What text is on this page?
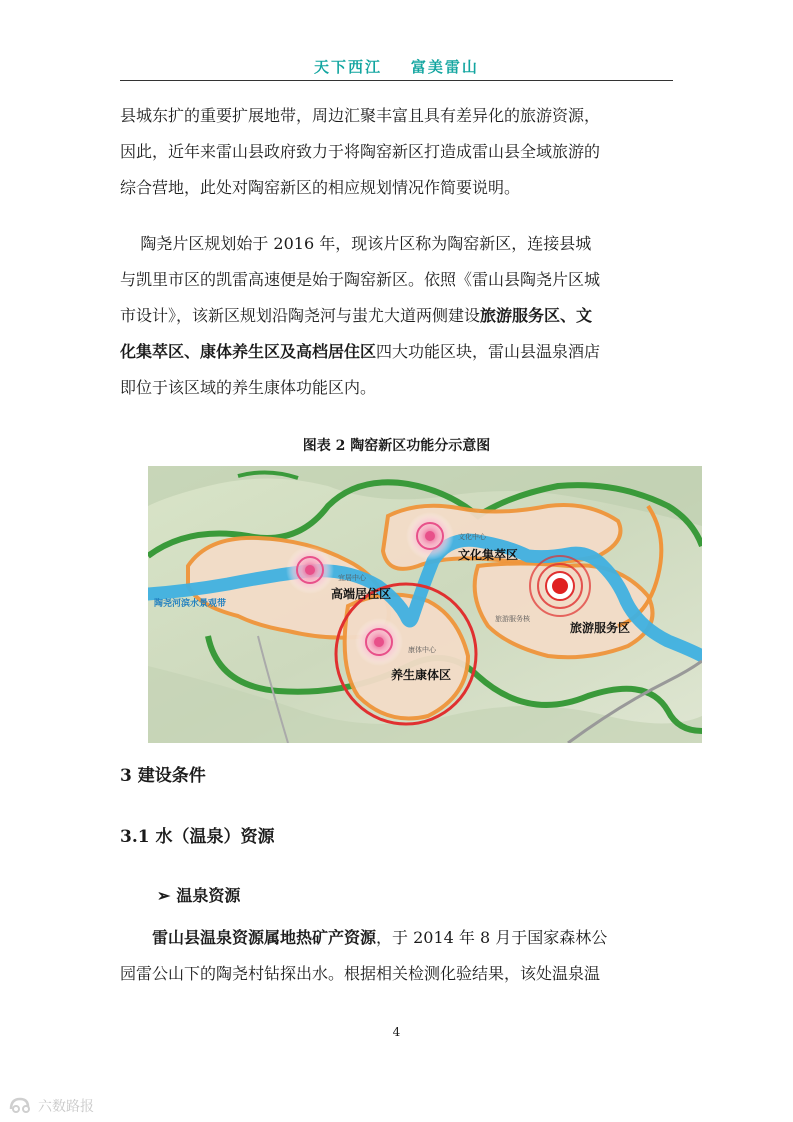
天下西江    富美雷山
县城东扩的重要扩展地带，周边汇聚丰富且具有差异化的旅游资源，
因此，近年来雷山县政府致力于将陶窑新区打造成雷山县全域旅游的
综合营地，此处对陶窑新区的相应规划情况作简要说明。
陶尧片区规划始于 2016 年，现该片区称为陶窑新区，连接县城
与凯里市区的凯雷高速便是始于陶窑新区。依照《雷山县陶尧片区城
市设计》，该新区规划沿陶尧河与蚩尤大道两侧建设旅游服务区、文
化集萃区、康体养生区及高档居住区四大功能区块，雷山县温泉酒店
即位于该区域的养生康体功能区内。
图表 2 陶窑新区功能分示意图
陶尧河滨水景观带
宜居中心
高端居住区
文化中心
文化集萃区
康体中心
养生康体区
旅游服务核
旅游服务区
3 建设条件
3.1 水（温泉）资源
➢ 温泉资源
雷山县温泉资源属地热矿产资源，于 2014 年 8 月于国家森林公
园雷公山下的陶尧村钻探出水。根据相关检测化验结果，该处温泉温
4
六数路报
